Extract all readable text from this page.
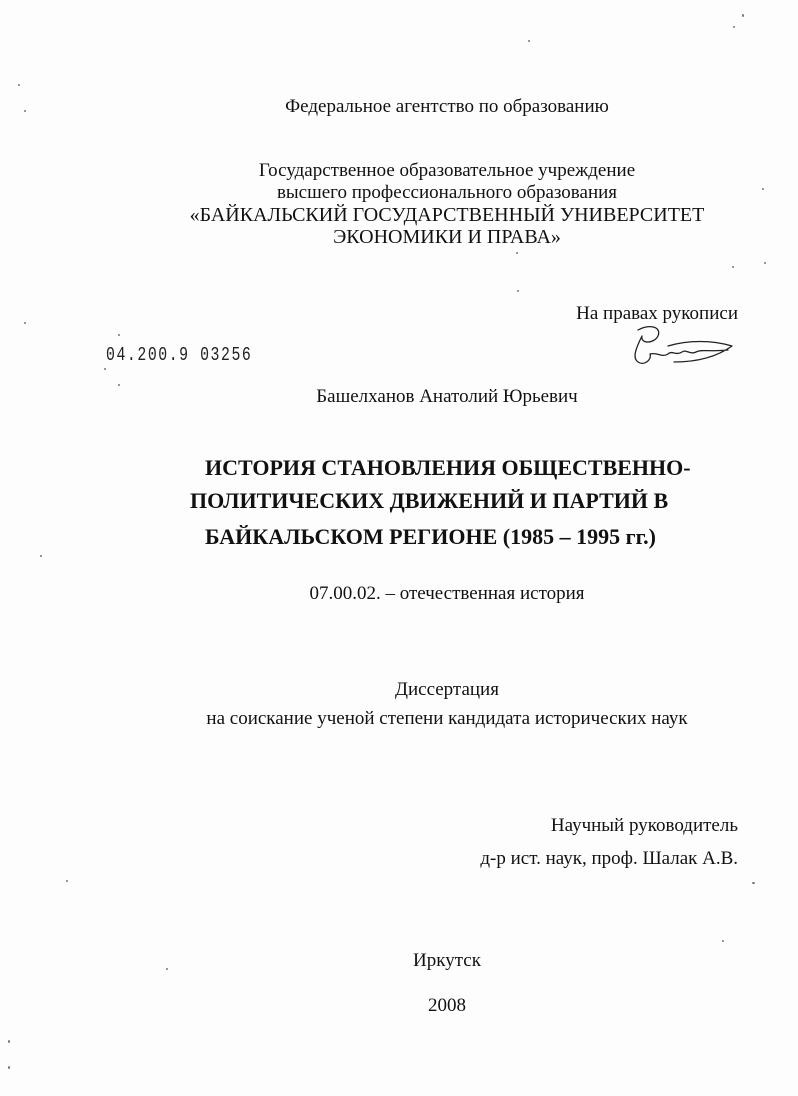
Федеральное агентство по образованию
Государственное образовательное учреждение
высшего профессионального образования
«БАЙКАЛЬСКИЙ ГОСУДАРСТВЕННЫЙ УНИВЕРСИТЕТ
ЭКОНОМИКИ И ПРАВА»
На правах рукописи
04.200.9 03256
Башелханов Анатолий Юрьевич
ИСТОРИЯ СТАНОВЛЕНИЯ ОБЩЕСТВЕННО-
ПОЛИТИЧЕСКИХ ДВИЖЕНИЙ И ПАРТИЙ В
БАЙКАЛЬСКОМ РЕГИОНЕ (1985 – 1995 гг.)
07.00.02. – отечественная история
Диссертация
на соискание ученой степени кандидата исторических наук
Научный руководитель
д-р ист. наук, проф. Шалак А.В.
Иркутск
2008
